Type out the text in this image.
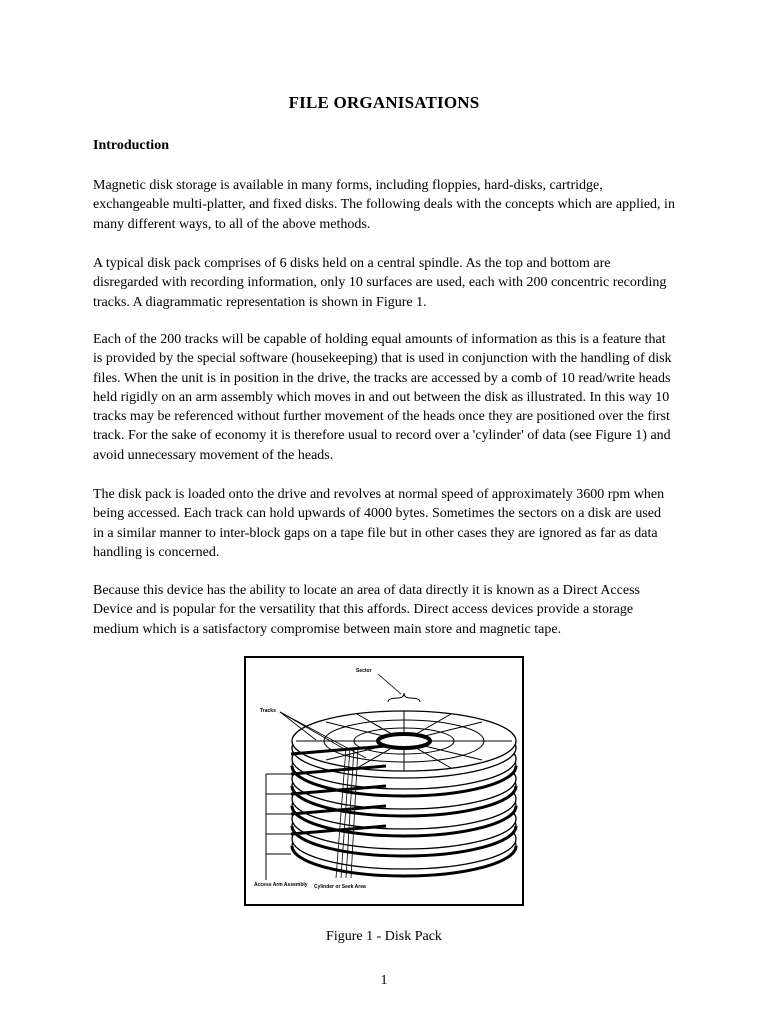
FILE ORGANISATIONS
Introduction

Magnetic disk storage is available in many forms, including floppies, hard-disks, cartridge, exchangeable multi-platter, and fixed disks. The following deals with the concepts which are applied, in many different ways, to all of the above methods.

A typical disk pack comprises of 6 disks held on a central spindle. As the top and bottom are disregarded with recording information, only 10 surfaces are used, each with 200 concentric recording tracks. A diagrammatic representation is shown in Figure 1.

Each of the 200 tracks will be capable of holding equal amounts of information as this is a feature that is provided by the special software (housekeeping) that is used in conjunction with the handling of disk files. When the unit is in position in the drive, the tracks are accessed by a comb of 10 read/write heads held rigidly on an arm assembly which moves in and out between the disk as illustrated. In this way 10 tracks may be referenced without further movement of the heads once they are positioned over the first track. For the sake of economy it is therefore usual to record over a 'cylinder' of data (see Figure 1) and avoid unnecessary movement of the heads.

The disk pack is loaded onto the drive and revolves at normal speed of approximately 3600 rpm when being accessed. Each track can hold upwards of 4000 bytes. Sometimes the sectors on a disk are used in a similar manner to inter-block gaps on a tape file but in other cases they are ignored as far as data handling is concerned.

Because this device has the ability to locate an area of data directly it is known as a Direct Access Device and is popular for the versatility that this affords. Direct access devices provide a storage medium which is a satisfactory compromise between main store and magnetic tape.

Sector
Tracks
Access Arm Assembly Cylinder or Seek Area
Figure 1 - Disk Pack
1
